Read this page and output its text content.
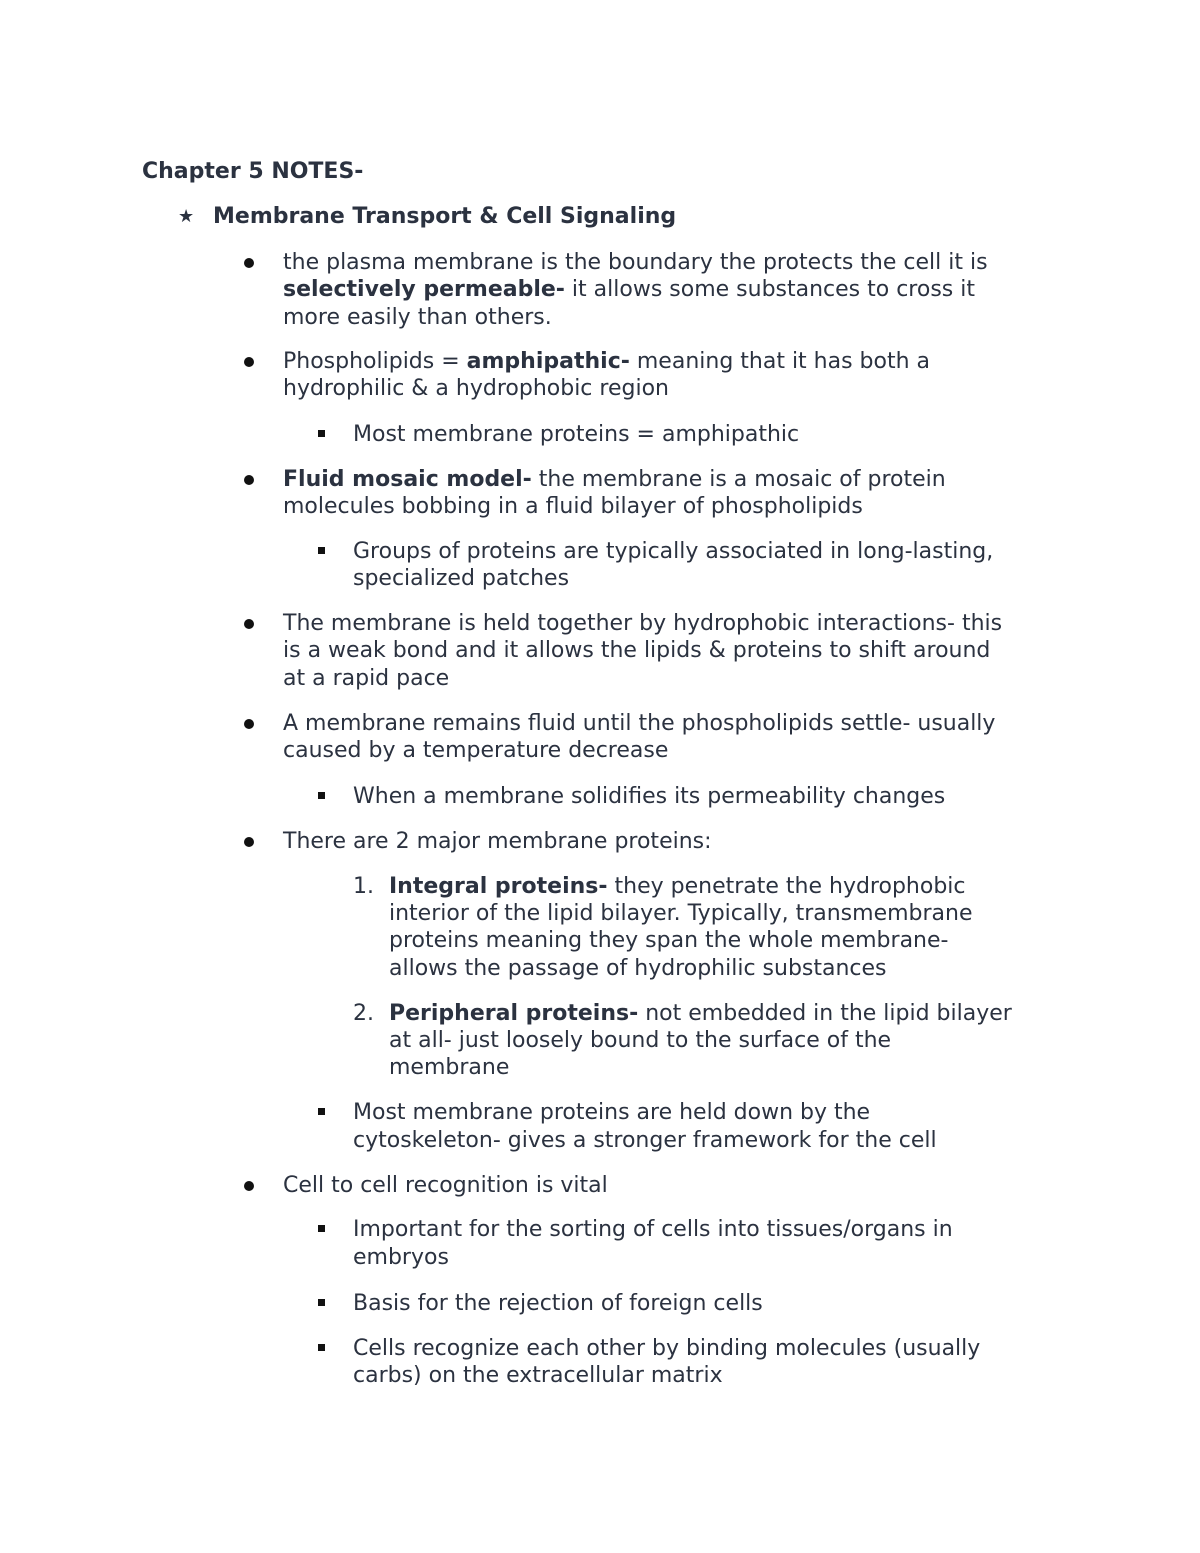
Chapter 5 NOTES-
★ Membrane Transport & Cell Signaling
the plasma membrane is the boundary the protects the cell it is
selectively permeable- it allows some substances to cross it
more easily than others.
Phospholipids = amphipathic- meaning that it has both a
hydrophilic & a hydrophobic region
Most membrane proteins = amphipathic
Fluid mosaic model- the membrane is a mosaic of protein
molecules bobbing in a fluid bilayer of phospholipids
Groups of proteins are typically associated in long-lasting,
specialized patches
The membrane is held together by hydrophobic interactions- this
is a weak bond and it allows the lipids & proteins to shift around
at a rapid pace
A membrane remains fluid until the phospholipids settle- usually
caused by a temperature decrease
When a membrane solidifies its permeability changes
There are 2 major membrane proteins:
1. Integral proteins- they penetrate the hydrophobic
interior of the lipid bilayer. Typically, transmembrane
proteins meaning they span the whole membrane-
allows the passage of hydrophilic substances
2. Peripheral proteins- not embedded in the lipid bilayer
at all- just loosely bound to the surface of the
membrane
Most membrane proteins are held down by the
cytoskeleton- gives a stronger framework for the cell
Cell to cell recognition is vital
Important for the sorting of cells into tissues/organs in
embryos
Basis for the rejection of foreign cells
Cells recognize each other by binding molecules (usually
carbs) on the extracellular matrix
